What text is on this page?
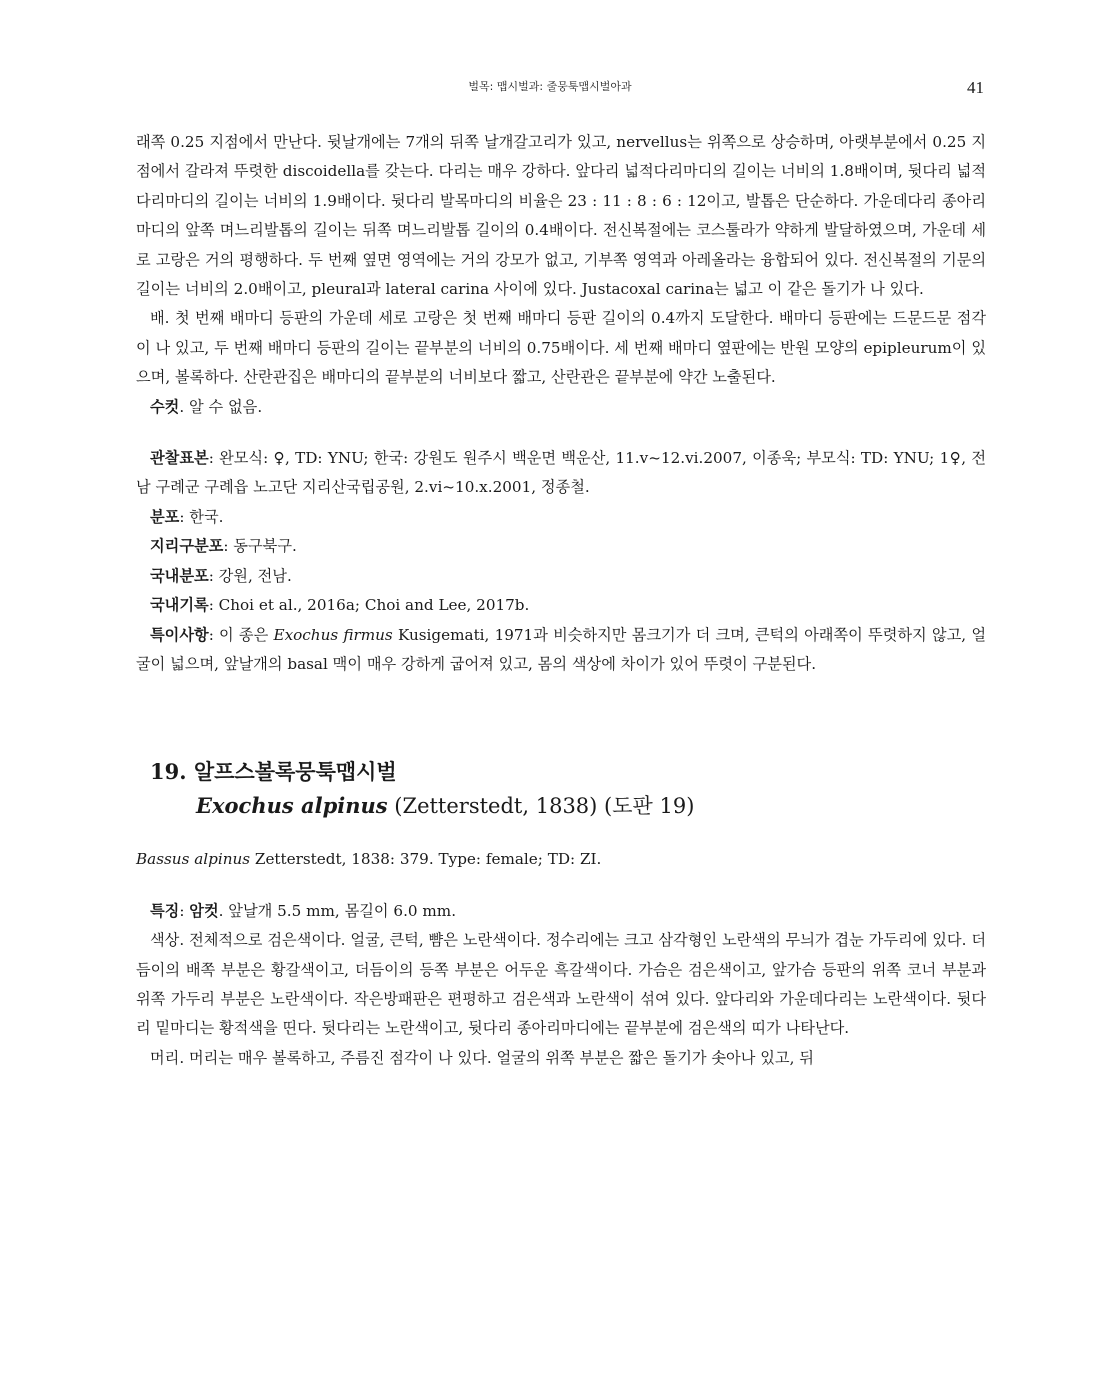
벌목: 맵시벌과: 줄뭉툭맵시벌아과	41

래쪽 0.25 지점에서 만난다. 뒷날개에는 7개의 뒤쪽 날개갈고리가 있고, nervellus는 위쪽으로 상승하며, 아랫부분에서 0.25 지점에서 갈라져 뚜렷한 discoidella를 갖는다. 다리는 매우 강하다. 앞다리 넓적다리마디의 길이는 너비의 1.8배이며, 뒷다리 넓적다리마디의 길이는 너비의 1.9배이다. 뒷다리 발목마디의 비율은 23 : 11 : 8 : 6 : 12이고, 발톱은 단순하다. 가운데다리 종아리마디의 앞쪽 며느리발톱의 길이는 뒤쪽 며느리발톱 길이의 0.4배이다. 전신복절에는 코스툴라가 약하게 발달하였으며, 가운데 세로 고랑은 거의 평행하다. 두 번째 옆면 영역에는 거의 강모가 없고, 기부쪽 영역과 아레올라는 융합되어 있다. 전신복절의 기문의 길이는 너비의 2.0배이고, pleural과 lateral carina 사이에 있다. Justacoxal carina는 넓고 이 같은 돌기가 나 있다.

배. 첫 번째 배마디 등판의 가운데 세로 고랑은 첫 번째 배마디 등판 길이의 0.4까지 도달한다. 배마디 등판에는 드문드문 점각이 나 있고, 두 번째 배마디 등판의 길이는 끝부분의 너비의 0.75배이다. 세 번째 배마디 옆판에는 반원 모양의 epipleurum이 있으며, 볼록하다. 산란관집은 배마디의 끝부분의 너비보다 짧고, 산란관은 끝부분에 약간 노출된다.

수컷. 알 수 없음.

관찰표본: 완모식: ♀, TD: YNU; 한국: 강원도 원주시 백운면 백운산, 11.v~12.vi.2007, 이종욱; 부모식: TD: YNU; 1♀, 전남 구례군 구례읍 노고단 지리산국립공원, 2.vi~10.x.2001, 정종철.

분포: 한국.

지리구분포: 동구북구.

국내분포: 강원, 전남.

국내기록: Choi et al., 2016a; Choi and Lee, 2017b.

특이사항: 이 종은 Exochus firmus Kusigemati, 1971과 비슷하지만 몸크기가 더 크며, 큰턱의 아래쪽이 뚜렷하지 않고, 얼굴이 넓으며, 앞날개의 basal 맥이 매우 강하게 굽어져 있고, 몸의 색상에 차이가 있어 뚜렷이 구분된다.

19. 알프스볼록뭉툭맵시벌
Exochus alpinus (Zetterstedt, 1838) (도판 19)

Bassus alpinus Zetterstedt, 1838: 379. Type: female; TD: ZI.

특징: 암컷. 앞날개 5.5 mm, 몸길이 6.0 mm.

색상. 전체적으로 검은색이다. 얼굴, 큰턱, 뺨은 노란색이다. 정수리에는 크고 삼각형인 노란색의 무늬가 겹눈 가두리에 있다. 더듬이의 배쪽 부분은 황갈색이고, 더듬이의 등쪽 부분은 어두운 흑갈색이다. 가슴은 검은색이고, 앞가슴 등판의 위쪽 코너 부분과 위쪽 가두리 부분은 노란색이다. 작은방패판은 편평하고 검은색과 노란색이 섞여 있다. 앞다리와 가운데다리는 노란색이다. 뒷다리 밑마디는 황적색을 띤다. 뒷다리는 노란색이고, 뒷다리 종아리마디에는 끝부분에 검은색의 띠가 나타난다.

머리. 머리는 매우 볼록하고, 주름진 점각이 나 있다. 얼굴의 위쪽 부분은 짧은 돌기가 솟아나 있고, 뒤
